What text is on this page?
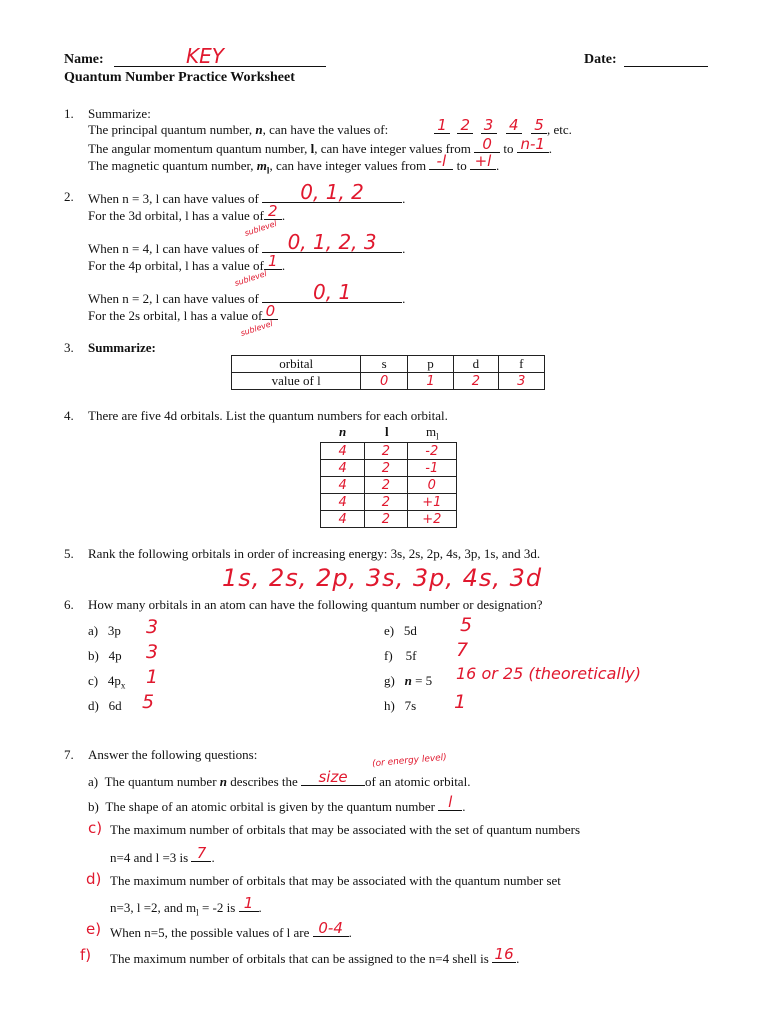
Name:	KEY	Date:
Quantum Number Practice Worksheet
1. Summarize:
The principal quantum number, n, can have the values of:	1
2
3
4
5 , etc.
The angular momentum quantum number, l, can have integer values from 0 to n-1 .
The magnetic quantum number, $m_l$, can have integer values from -l to +l .
2. When n = 3, l can have values of	0, 1, 2	.
For the 3d orbital, l has a value of 2 .
sublevel
When n = 4, l can have values of	0, 1, 2, 3	.
For the 4p orbital, l has a value of 1 .
sublevel
When n = 2, l can have values of	0, 1	.
For the 2s orbital, l has a value of 0
sublevel
3. Summarize:
orbital	s	p	d	f
value of l	0	1	2	3
4. There are five 4d orbitals. List the quantum numbers for each orbital.
n	l	$m_l$
4	2	-2
4	2	-1
4	2	0
4	2	+1
4	2	+2
5. Rank the following orbitals in order of increasing energy: 3s, 2s, 2p, 4s, 3p, 1s, and 3d.
1s, 2s, 2p, 3s, 3p, 4s, 3d
6. How many orbitals in an atom can have the following quantum number or designation?
a) 3p 3
b) 4p 3
c) $4p_x$ 1
d) 6d 5
e) 5d 5
f) 5f 7
g) n = 5 16 or 25 (theoretically)
h) 7s 1
7. Answer the following questions:	(or energy level)
a) The quantum number n describes the	size	of an atomic orbital.
b) The shape of an atomic orbital is given by the quantum number l .
c) The maximum number of orbitals that may be associated with the set of quantum numbers
n=4 and l =3 is 7 .
d) The maximum number of orbitals that may be associated with the quantum number set
n=3, l =2, and $m_l = -2$ is 1 .
e) When n=5, the possible values of l are 0-4 .
f) The maximum number of orbitals that can be assigned to the n=4 shell is 16 .
